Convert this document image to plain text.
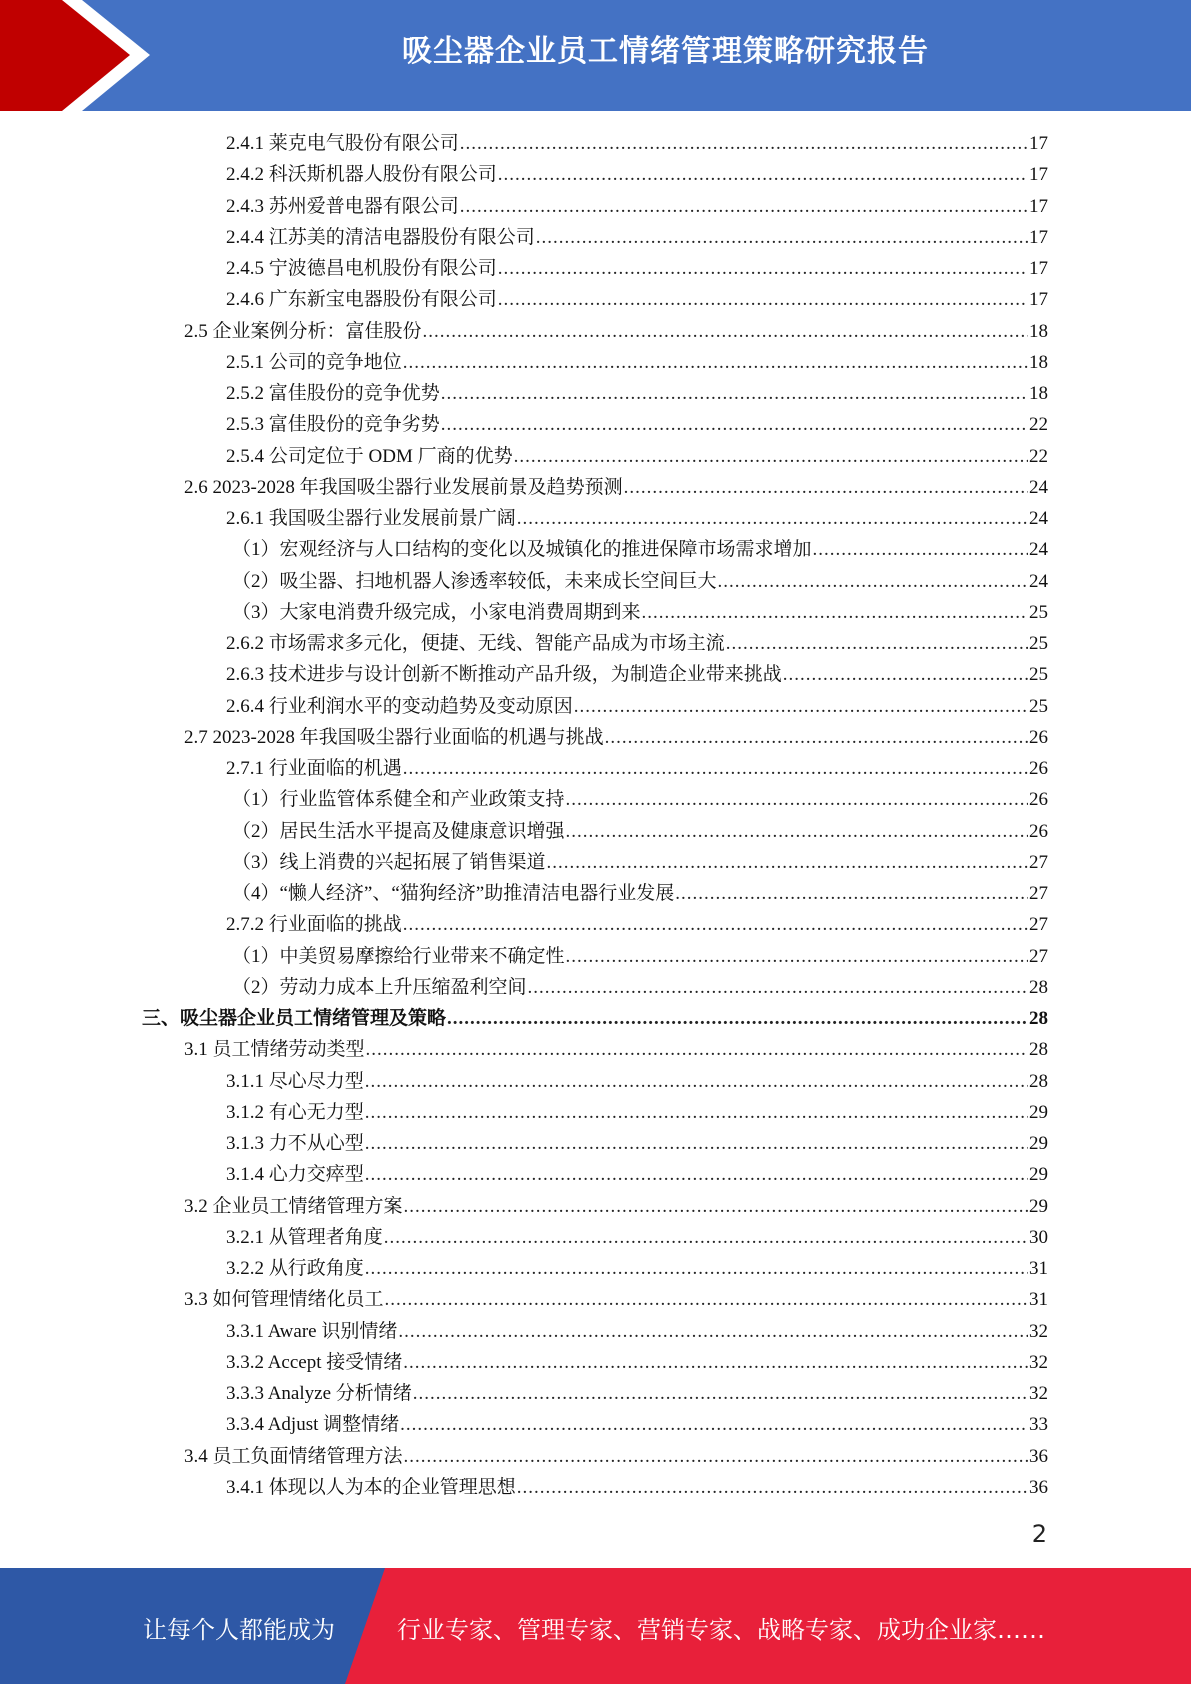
吸尘器企业员工情绪管理策略研究报告
2.4.1 莱克电气股份有限公司 .....	17
2.4.2 科沃斯机器人股份有限公司 .....	17
2.4.3 苏州爱普电器有限公司 .....	17
2.4.4 江苏美的清洁电器股份有限公司 .....	17
2.4.5 宁波德昌电机股份有限公司 .....	17
2.4.6 广东新宝电器股份有限公司 .....	17
2.5 企业案例分析：富佳股份 .....	18
2.5.1 公司的竞争地位 .....	18
2.5.2 富佳股份的竞争优势 .....	18
2.5.3 富佳股份的竞争劣势 .....	22
2.5.4 公司定位于 ODM 厂商的优势 .....	22
2.6 2023-2028 年我国吸尘器行业发展前景及趋势预测 .....	24
2.6.1 我国吸尘器行业发展前景广阔 .....	24
（1）宏观经济与人口结构的变化以及城镇化的推进保障市场需求增加 .....	24
（2）吸尘器、扫地机器人渗透率较低，未来成长空间巨大 .....	24
（3）大家电消费升级完成，小家电消费周期到来 .....	25
2.6.2 市场需求多元化，便捷、无线、智能产品成为市场主流 .....	25
2.6.3 技术进步与设计创新不断推动产品升级，为制造企业带来挑战 .....	25
2.6.4 行业利润水平的变动趋势及变动原因 .....	25
2.7 2023-2028 年我国吸尘器行业面临的机遇与挑战 .....	26
2.7.1 行业面临的机遇 .....	26
（1）行业监管体系健全和产业政策支持 .....	26
（2）居民生活水平提高及健康意识增强 .....	26
（3）线上消费的兴起拓展了销售渠道 .....	27
（4）“懒人经济”、“猫狗经济”助推清洁电器行业发展 .....	27
2.7.2 行业面临的挑战 .....	27
（1）中美贸易摩擦给行业带来不确定性 .....	27
（2）劳动力成本上升压缩盈利空间 .....	28
三、吸尘器企业员工情绪管理及策略 .....	28
3.1 员工情绪劳动类型 .....	28
3.1.1 尽心尽力型 .....	28
3.1.2 有心无力型 .....	29
3.1.3 力不从心型 .....	29
3.1.4 心力交瘁型 .....	29
3.2 企业员工情绪管理方案 .....	29
3.2.1 从管理者角度 .....	30
3.2.2 从行政角度 .....	31
3.3 如何管理情绪化员工 .....	31
3.3.1 Aware 识别情绪 .....	32
3.3.2 Accept 接受情绪 .....	32
3.3.3 Analyze 分析情绪 .....	32
3.3.4 Adjust 调整情绪 .....	33
3.4 员工负面情绪管理方法 .....	36
3.4.1 体现以人为本的企业管理思想 .....	36
2
让每个人都能成为	行业专家、管理专家、营销专家、战略专家、成功企业家……
